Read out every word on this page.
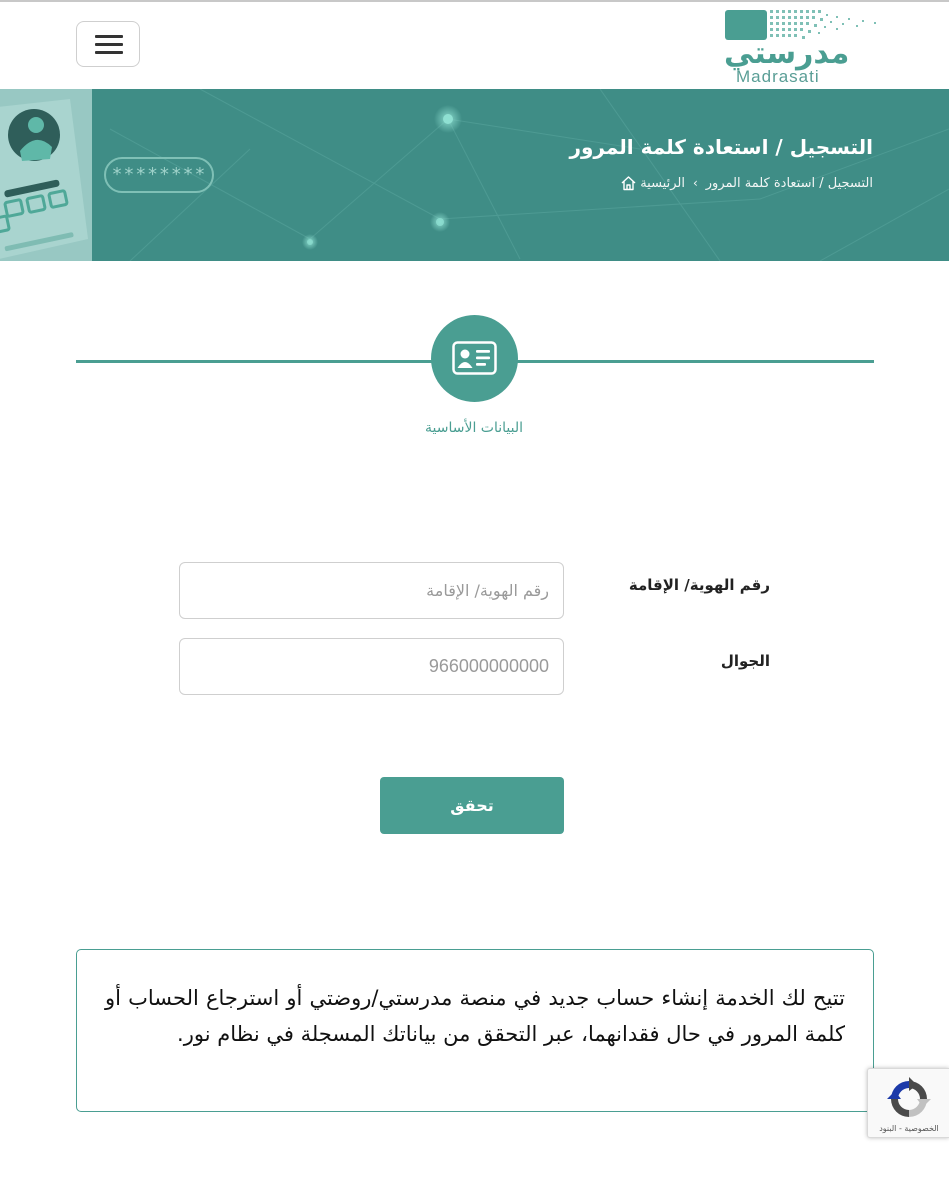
مدرستي
Madrasati
********
التسجيل / استعادة كلمة المرور
الرئيسية › التسجيل / استعادة كلمة المرور
البيانات الأساسية
رقم الهوية/ الإقامة
رقم الهوية/ الإقامة
الجوال
966000000000
تحقق

تتيح لك الخدمة إنشاء حساب جديد في منصة مدرستي/روضتي أو استرجاع الحساب أو كلمة المرور في حال فقدانهما، عبر التحقق من بياناتك المسجلة في نظام نور.

الخصوصية - البنود
